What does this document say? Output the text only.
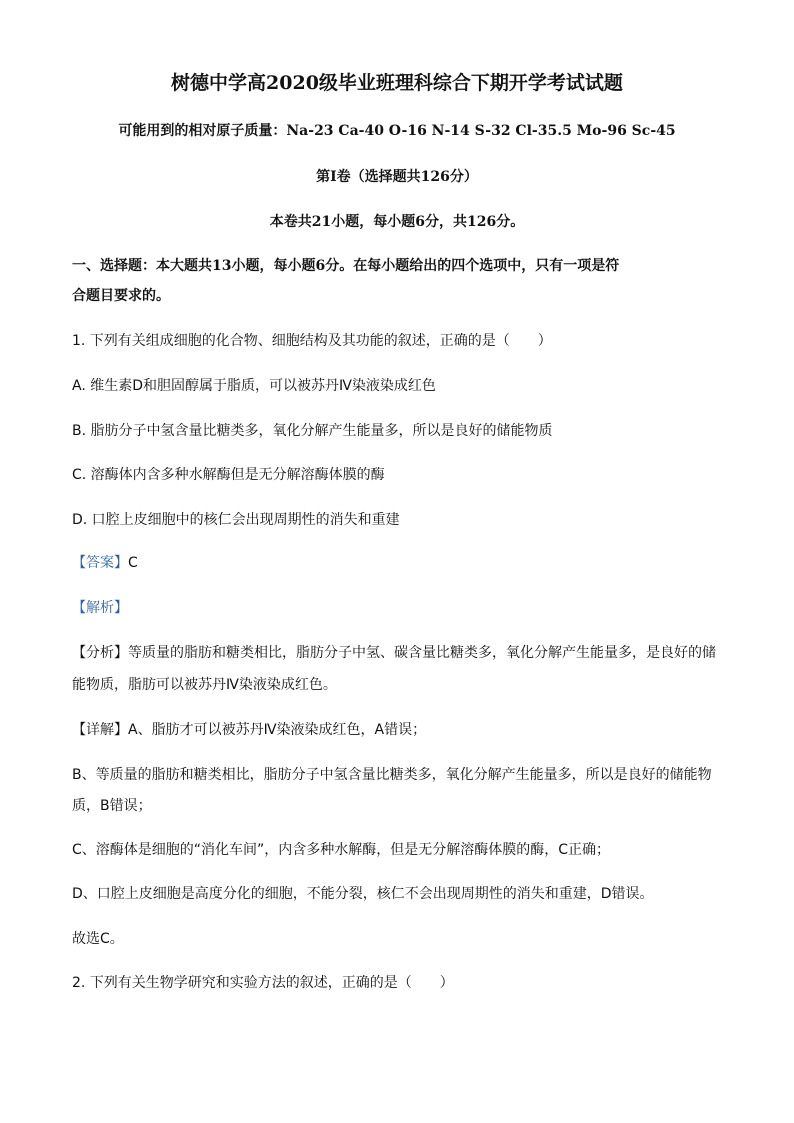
树德中学高2020级毕业班理科综合下期开学考试试题
可能用到的相对原子质量：Na-23 Ca-40 O-16 N-14 S-32 Cl-35.5 Mo-96 Sc-45
第Ⅰ卷（选择题共126分）
本卷共21小题，每小题6分，共126分。
一、选择题：本大题共13小题，每小题6分。在每小题给出的四个选项中，只有一项是符
合题目要求的。
1. 下列有关组成细胞的化合物、细胞结构及其功能的叙述，正确的是（　　）
A. 维生素D和胆固醇属于脂质，可以被苏丹Ⅳ染液染成红色
B. 脂肪分子中氢含量比糖类多，氧化分解产生能量多，所以是良好的储能物质
C. 溶酶体内含多种水解酶但是无分解溶酶体膜的酶
D. 口腔上皮细胞中的核仁会出现周期性的消失和重建
【答案】C
【解析】
【分析】等质量的脂肪和糖类相比，脂肪分子中氢、碳含量比糖类多，氧化分解产生能量多，是良好的储
能物质，脂肪可以被苏丹Ⅳ染液染成红色。
【详解】A、脂肪才可以被苏丹Ⅳ染液染成红色，A错误；
B、等质量的脂肪和糖类相比，脂肪分子中氢含量比糖类多，氧化分解产生能量多，所以是良好的储能物
质，B错误；
C、溶酶体是细胞的“消化车间”，内含多种水解酶，但是无分解溶酶体膜的酶，C正确；
D、口腔上皮细胞是高度分化的细胞，不能分裂，核仁不会出现周期性的消失和重建，D错误。
故选C。
2. 下列有关生物学研究和实验方法的叙述，正确的是（　　）
